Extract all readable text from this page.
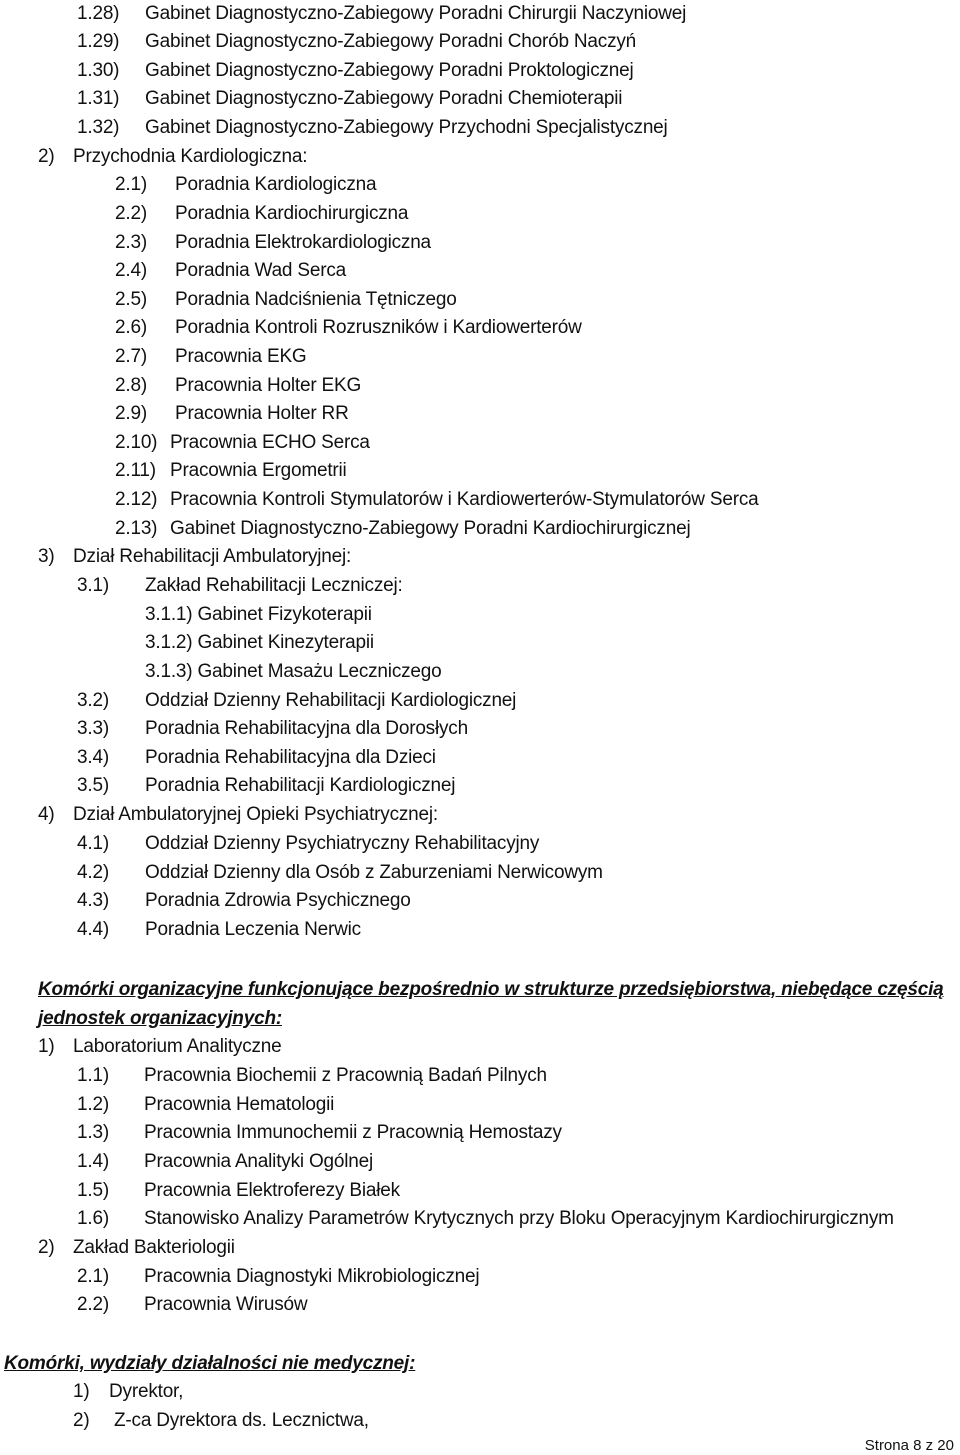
1.28) Gabinet Diagnostyczno-Zabiegowy Poradni Chirurgii Naczyniowej
1.29) Gabinet Diagnostyczno-Zabiegowy Poradni Chorób Naczyń
1.30) Gabinet Diagnostyczno-Zabiegowy Poradni Proktologicznej
1.31) Gabinet Diagnostyczno-Zabiegowy Poradni Chemioterapii
1.32) Gabinet Diagnostyczno-Zabiegowy Przychodni Specjalistycznej
2) Przychodnia Kardiologiczna:
2.1) Poradnia Kardiologiczna
2.2) Poradnia Kardiochirurgiczna
2.3) Poradnia Elektrokardiologiczna
2.4) Poradnia Wad Serca
2.5) Poradnia Nadciśnienia Tętniczego
2.6) Poradnia Kontroli Rozruszników i Kardiowerterów
2.7) Pracownia EKG
2.8) Pracownia Holter EKG
2.9) Pracownia Holter RR
2.10) Pracownia ECHO Serca
2.11) Pracownia Ergometrii
2.12) Pracownia Kontroli Stymulatorów i Kardiowerterów-Stymulatorów Serca
2.13) Gabinet Diagnostyczno-Zabiegowy Poradni Kardiochirurgicznej
3) Dział Rehabilitacji Ambulatoryjnej:
3.1) Zakład Rehabilitacji Leczniczej:
3.1.1) Gabinet Fizykoterapii
3.1.2) Gabinet Kinezyterapii
3.1.3) Gabinet Masażu Leczniczego
3.2) Oddział Dzienny Rehabilitacji Kardiologicznej
3.3) Poradnia Rehabilitacyjna dla Dorosłych
3.4) Poradnia Rehabilitacyjna dla Dzieci
3.5) Poradnia Rehabilitacji Kardiologicznej
4) Dział Ambulatoryjnej Opieki Psychiatrycznej:
4.1) Oddział Dzienny Psychiatryczny Rehabilitacyjny
4.2) Oddział Dzienny dla Osób z Zaburzeniami Nerwicowym
4.3) Poradnia Zdrowia Psychicznego
4.4) Poradnia Leczenia Nerwic
Komórki organizacyjne funkcjonujące bezpośrednio w strukturze przedsiębiorstwa, niebędące częścią
jednostek organizacyjnych:
1) Laboratorium Analityczne
1.1) Pracownia Biochemii z Pracownią Badań Pilnych
1.2) Pracownia Hematologii
1.3) Pracownia Immunochemii z Pracownią Hemostazy
1.4) Pracownia Analityki Ogólnej
1.5) Pracownia Elektroferezy Białek
1.6) Stanowisko Analizy Parametrów Krytycznych przy Bloku Operacyjnym Kardiochirurgicznym
2) Zakład Bakteriologii
2.1) Pracownia Diagnostyki Mikrobiologicznej
2.2) Pracownia Wirusów
Komórki, wydziały działalności nie medycznej:
1) Dyrektor,
2) Z-ca Dyrektora ds. Lecznictwa,
Strona 8 z 20
